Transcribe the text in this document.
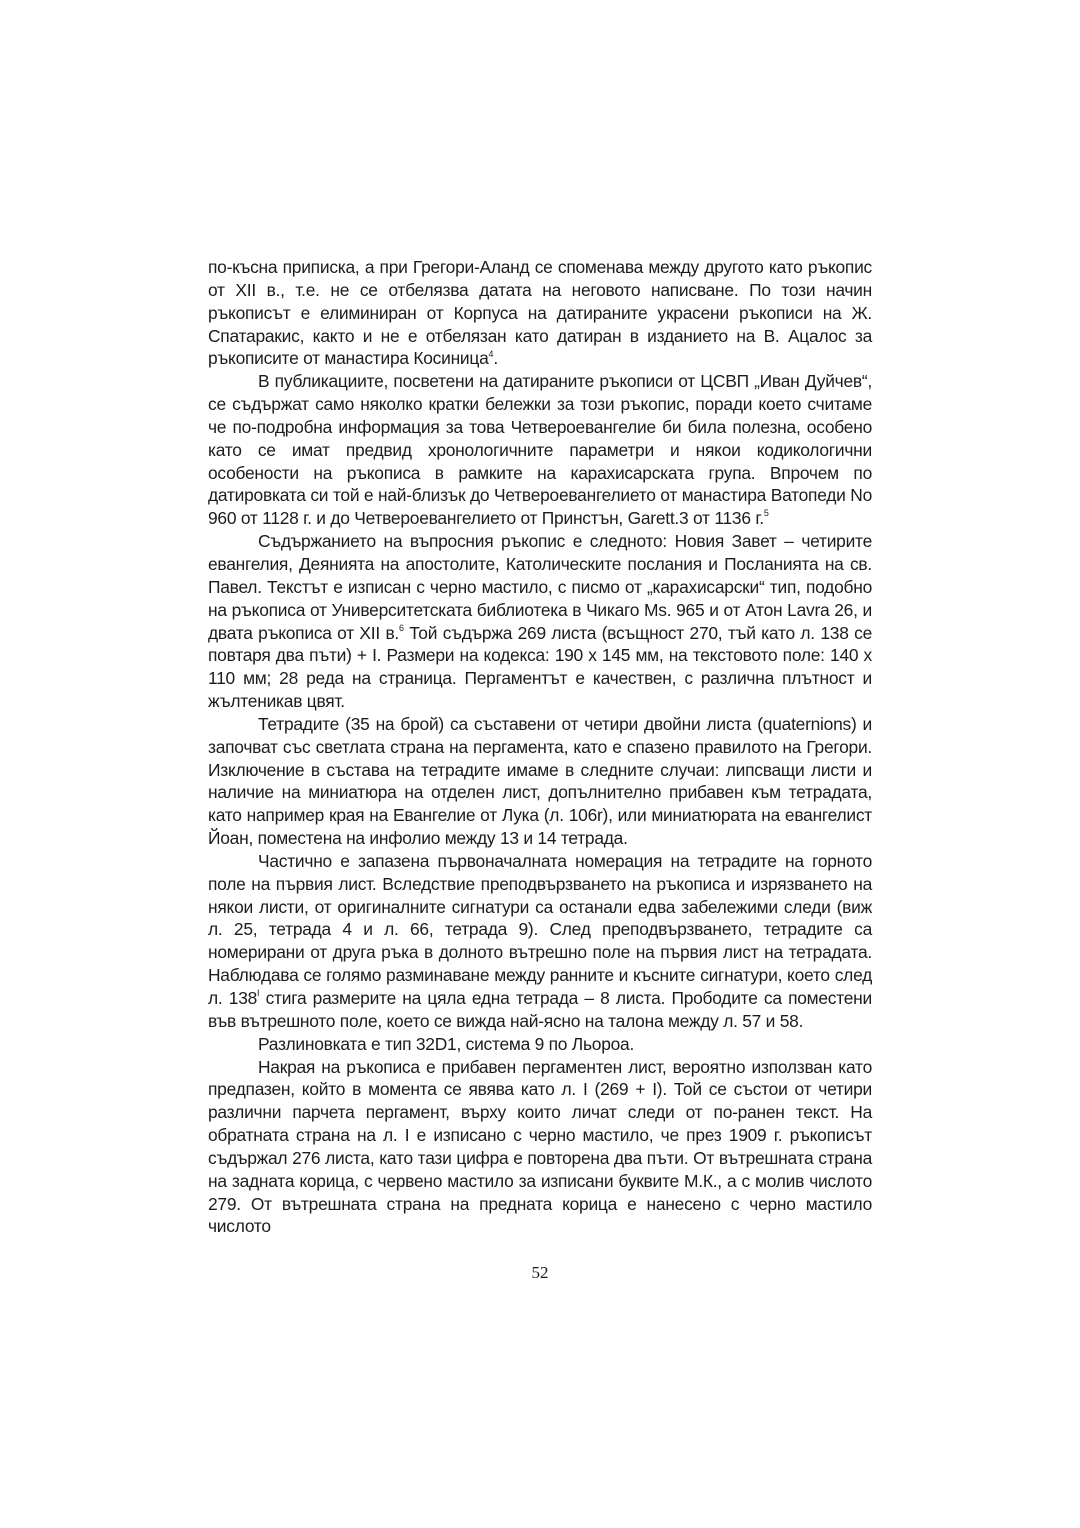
по-късна приписка, а при Грегори-Аланд се споменава между другото като ръкопис от XII в., т.е. не се отбелязва датата на неговото написване. По този начин ръкописът е елиминиран от Корпуса на датираните украсени ръкописи на Ж. Спатаракис, както и не е отбелязан като датиран в изданието на В. Ацалос за ръкописите от манастира Косиница$^4$.

В публикациите, посветени на датираните ръкописи от ЦСВП „Иван Дуйчев“, се съдържат само няколко кратки бележки за този ръкопис, поради което считаме че по-подробна информация за това Четвероевангелие би била полезна, особено като се имат предвид хронологичните параметри и някои кодикологични особености на ръкописа в рамките на карахисарската група. Впрочем по датировката си той е най-близък до Четвероевангелието от манастира Ватопеди No 960 от 1128 г. и до Четвероевангелието от Принстън, Garett.3 от 1136 г.$^5$

Съдържанието на въпросния ръкопис е следното: Новия Завет – четирите евангелия, Деянията на апостолите, Католическите послания и Посланията на св. Павел. Текстът е изписан с черно мастило, с писмо от „карахисарски“ тип, подобно на ръкописа от Университетската библиотека в Чикаго Ms. 965 и от Атон Lavra 26, и двата ръкописа от XII в.$^6$ Той съдържа 269 листа (всъщност 270, тъй като л. 138 се повтаря два пъти) + I. Размери на кодекса: 190 x 145 мм, на текстовото поле: 140 x 110 мм; 28 реда на страница. Пергаментът е качествен, с различна плътност и жълтеникав цвят.

Тетрадите (35 на брой) са съставени от четири двойни листа (quaternions) и започват със светлата страна на пергамента, като е спазено правилото на Грегори. Изключение в състава на тетрадите имаме в следните случаи: липсващи листи и наличие на миниатюра на отделен лист, допълнително прибавен към тетрадата, като например края на Евангелие от Лука (л. 106r), или миниатюрата на евангелист Йоан, поместена на инфолио между 13 и 14 тетрада.

Частично е запазена първоначалната номерация на тетрадите на горното поле на първия лист. Вследствие преподвързването на ръкописа и изрязването на някои листи, от оригиналните сигнатури са останали едва забележими следи (виж л. 25, тетрада 4 и л. 66, тетрада 9). След преподвързването, тетрадите са номерирани от друга ръка в долното вътрешно поле на първия лист на тетрадата. Наблюдава се голямо разминаване между ранните и късните сигнатури, което след л. $138^I$ стига размерите на цяла една тетрада – 8 листа. Прободите са поместени във вътрешното поле, което се вижда най-ясно на талона между л. 57 и 58.

Разлиновката е тип 32D1, система 9 по Льороа.

Накрая на ръкописа е прибавен пергаментен лист, вероятно използван като предпазен, който в момента се явява като л. I (269 + I). Той се състои от четири различни парчета пергамент, върху които личат следи от по-ранен текст. На обратната страна на л. I е изписано с черно мастило, че през 1909 г. ръкописът съдържал 276 листа, като тази цифра е повторена два пъти. От вътрешната страна на задната корица, с червено мастило за изписани буквите М.К., а с молив числото 279. От вътрешната страна на предната корица е нанесено с черно мастило числото

52
